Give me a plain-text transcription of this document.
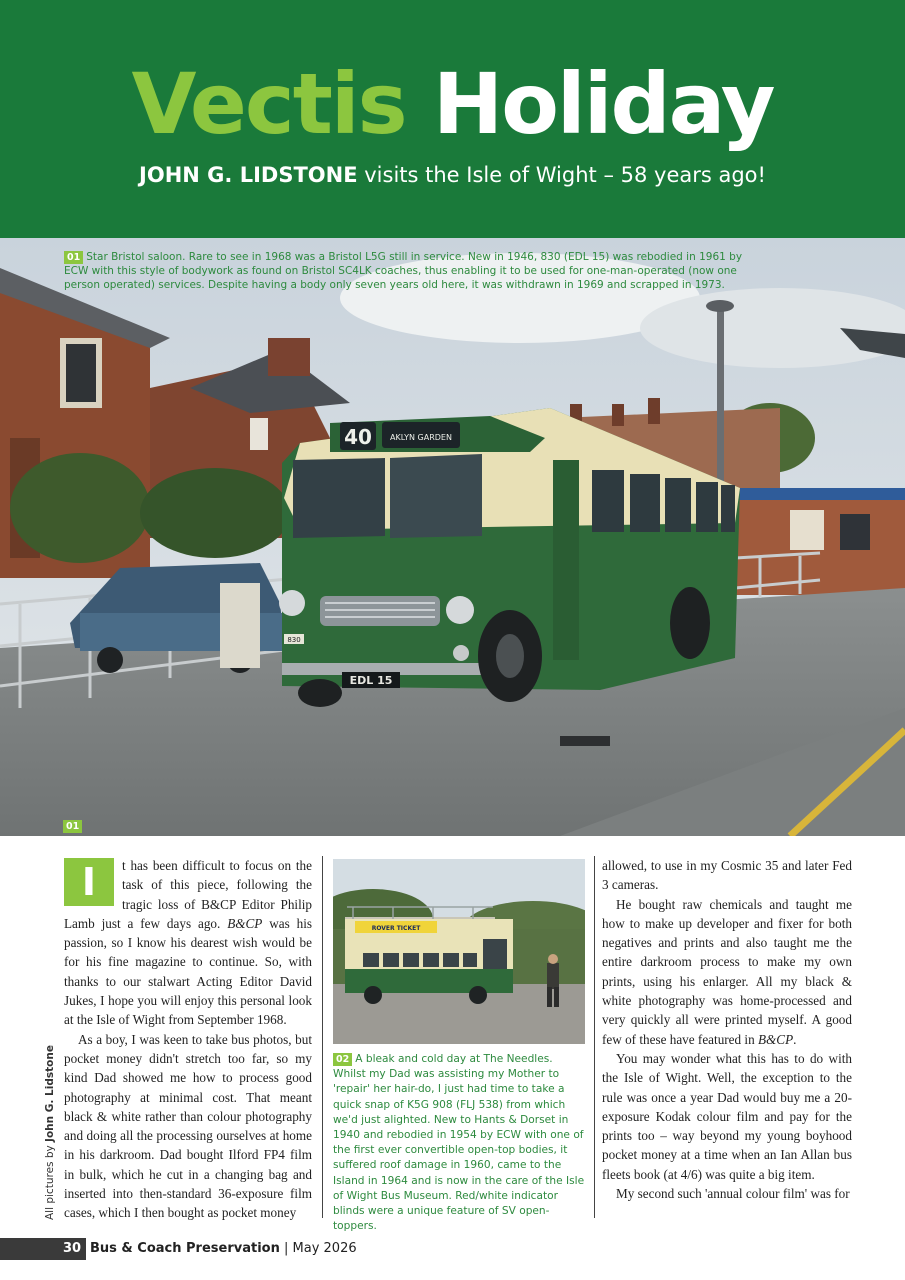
Vectis Holiday
JOHN G. LIDSTONE visits the Isle of Wight – 58 years ago!
40 AKLYN GARDEN
EDL 15
830
01 Star Bristol saloon. Rare to see in 1968 was a Bristol L5G still in service. New in 1946, 830 (EDL 15) was rebodied in 1961 by ECW with this style of bodywork as found on Bristol SC4LK coaches, thus enabling it to be used for one-man-operated (now one person operated) services. Despite having a body only seven years old here, it was withdrawn in 1969 and scrapped in 1973.
01

I	t has been difficult to focus on the task of this piece, following the tragic loss of B&CP Editor Philip Lamb just a few days ago. B&CP was his passion, so I know his dearest wish would be for his fine magazine to continue. So, with thanks to our stalwart Acting Editor David Jukes, I hope you will enjoy this personal look at the Isle of Wight from September 1968.

As a boy, I was keen to take bus photos, but pocket money didn't stretch too far, so my kind Dad showed me how to process good photography at minimal cost. That meant black & white rather than colour photography and doing all the processing ourselves at home in his darkroom. Dad bought Ilford FP4 film in bulk, which he cut in a changing bag and inserted into then-standard 36-exposure film cases, which I then bought as pocket money

ROVER TICKET
02 A bleak and cold day at The Needles. Whilst my Dad was assisting my Mother to 'repair' her hair-do, I just had time to take a quick snap of K5G 908 (FLJ 538) from which we'd just alighted. New to Hants & Dorset in 1940 and rebodied in 1954 by ECW with one of the first ever convertible open-top bodies, it suffered roof damage in 1960, came to the Island in 1964 and is now in the care of the Isle of Wight Bus Museum. Red/white indicator blinds were a unique feature of SV open-toppers.

allowed, to use in my Cosmic 35 and later Fed 3 cameras.

He bought raw chemicals and taught me how to make up developer and fixer for both negatives and prints and also taught me the entire darkroom process to make my own prints, using his enlarger. All my black & white photography was home-processed and very quickly all were printed myself. A good few of these have featured in B&CP.

You may wonder what this has to do with the Isle of Wight. Well, the exception to the rule was once a year Dad would buy me a 20-exposure Kodak colour film and pay for the prints too – way beyond my young boyhood pocket money at a time when an Ian Allan bus fleets book (at 4/6) was quite a big item.

My second such 'annual colour film' was for

All pictures by John G. Lidstone
30 Bus & Coach Preservation | May 2026
